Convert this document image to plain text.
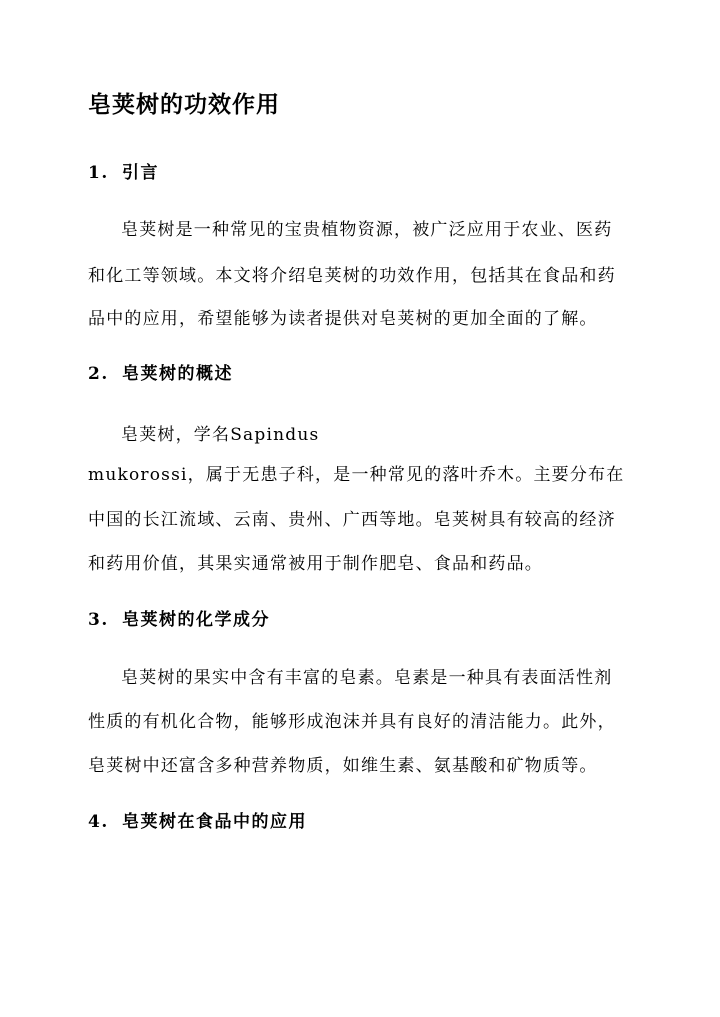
皂荚树的功效作用
1. 引言
皂荚树是一种常见的宝贵植物资源，被广泛应用于农业、医药
和化工等领域。本文将介绍皂荚树的功效作用，包括其在食品和药
品中的应用，希望能够为读者提供对皂荚树的更加全面的了解。
2. 皂荚树的概述
皂荚树，学名Sapindus
mukorossi，属于无患子科，是一种常见的落叶乔木。主要分布在
中国的长江流域、云南、贵州、广西等地。皂荚树具有较高的经济
和药用价值，其果实通常被用于制作肥皂、食品和药品。
3. 皂荚树的化学成分
皂荚树的果实中含有丰富的皂素。皂素是一种具有表面活性剂
性质的有机化合物，能够形成泡沫并具有良好的清洁能力。此外，
皂荚树中还富含多种营养物质，如维生素、氨基酸和矿物质等。
4. 皂荚树在食品中的应用
